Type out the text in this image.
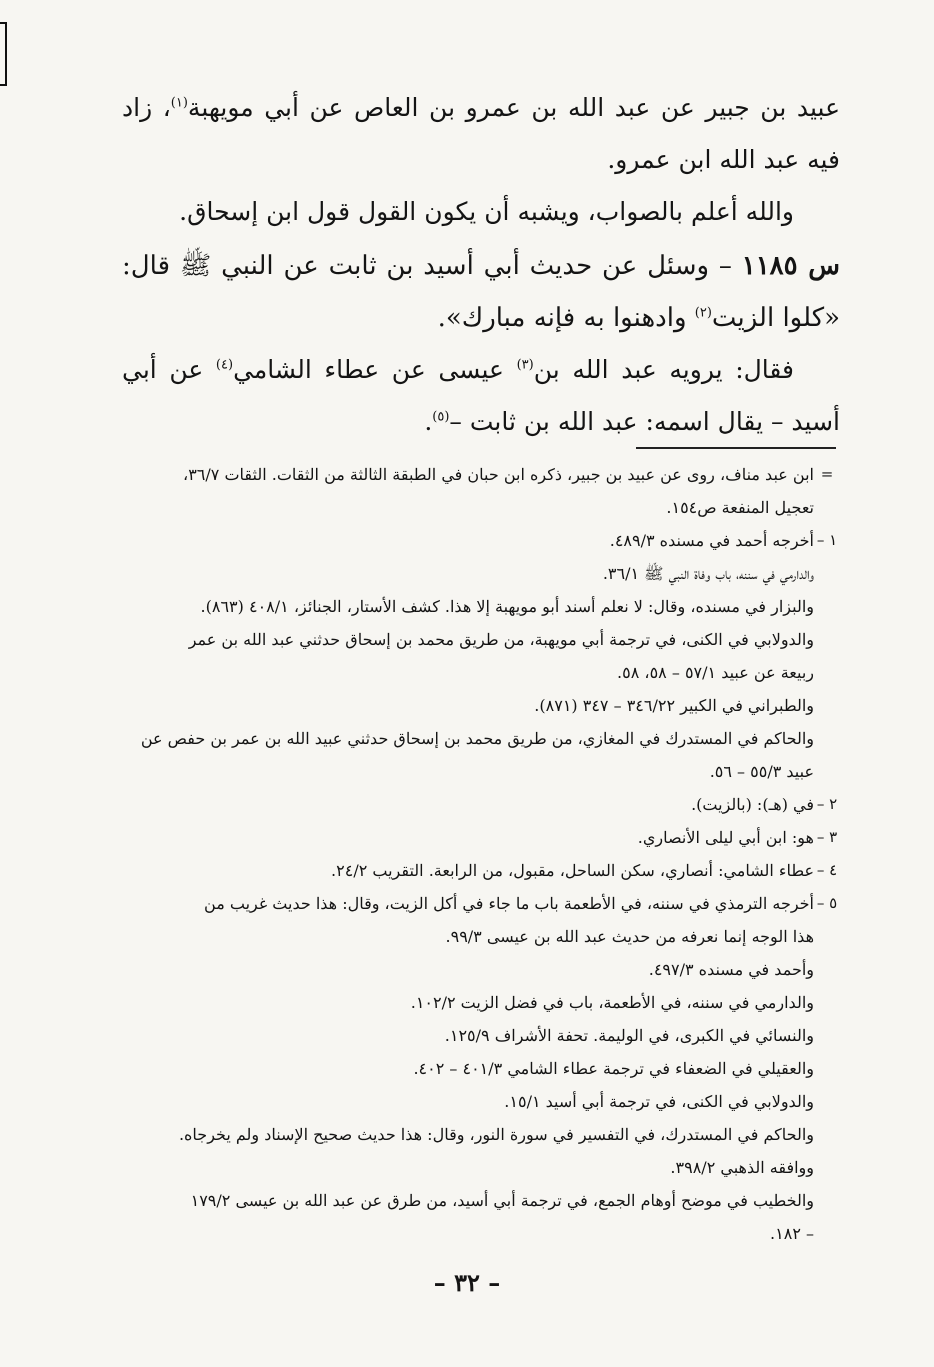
عبيد بن جبير عن عبد الله بن عمرو بن العاص عن أبي مويهبة$^{(١)}$، زاد فيه عبد الله ابن عمرو.

والله أعلم بالصواب، ويشبه أن يكون القول قول ابن إسحاق.

س ١١٨٥ – وسئل عن حديث أبي أسيد بن ثابت عن النبي ﷺ قال: «كلوا الزيت$^{(٢)}$ وادهنوا به فإنه مبارك».

فقال: يرويه عبد الله بن$^{(٣)}$ عيسى عن عطاء الشامي$^{(٤)}$ عن أبي أسيد – يقال اسمه: عبد الله بن ثابت –$^{(٥)}$.

=
ابن عبد مناف، روى عن عبيد بن جبير، ذكره ابن حبان في الطبقة الثالثة من الثقات. الثقات ٣٦/٧،
تعجيل المنفعة ص١٥٤.
١ –
أخرجه أحمد في مسنده ٤٨٩/٣.
والدارمي في سننه، باب وفاة النبي ﷺ ٣٦/١.
والبزار في مسنده، وقال: لا نعلم أسند أبو مويهبة إلا هذا. كشف الأستار، الجنائز، ٤٠٨/١ (٨٦٣).
والدولابي في الكنى، في ترجمة أبي مويهبة، من طريق محمد بن إسحاق حدثني عبد الله بن عمر
ربيعة عن عبيد ٥٧/١ – ٥٨، ٥٨.
والطبراني في الكبير ٣٤٦/٢٢ – ٣٤٧ (٨٧١).
والحاكم في المستدرك في المغازي، من طريق محمد بن إسحاق حدثني عبيد الله بن عمر بن حفص عن
عبيد ٥٥/٣ – ٥٦.
٢ –
في (هـ): (بالزيت).
٣ –
هو: ابن أبي ليلى الأنصاري.
٤ –
عطاء الشامي: أنصاري، سكن الساحل، مقبول، من الرابعة. التقريب ٢٤/٢.
٥ –
أخرجه الترمذي في سننه، في الأطعمة باب ما جاء في أكل الزيت، وقال: هذا حديث غريب من
هذا الوجه إنما نعرفه من حديث عبد الله بن عيسى ٩٩/٣.
وأحمد في مسنده ٤٩٧/٣.
والدارمي في سننه، في الأطعمة، باب في فضل الزيت ١٠٢/٢.
والنسائي في الكبرى، في الوليمة. تحفة الأشراف ١٢٥/٩.
والعقيلي في الضعفاء في ترجمة عطاء الشامي ٤٠١/٣ – ٤٠٢.
والدولابي في الكنى، في ترجمة أبي أسيد ١٥/١.
والحاكم في المستدرك، في التفسير في سورة النور، وقال: هذا حديث صحيح الإسناد ولم يخرجاه.
ووافقه الذهبي ٣٩٨/٢.
والخطيب في موضح أوهام الجمع، في ترجمة أبي أسيد، من طرق عن عبد الله بن عيسى ١٧٩/٢
– ١٨٢.
– ٣٢ –
